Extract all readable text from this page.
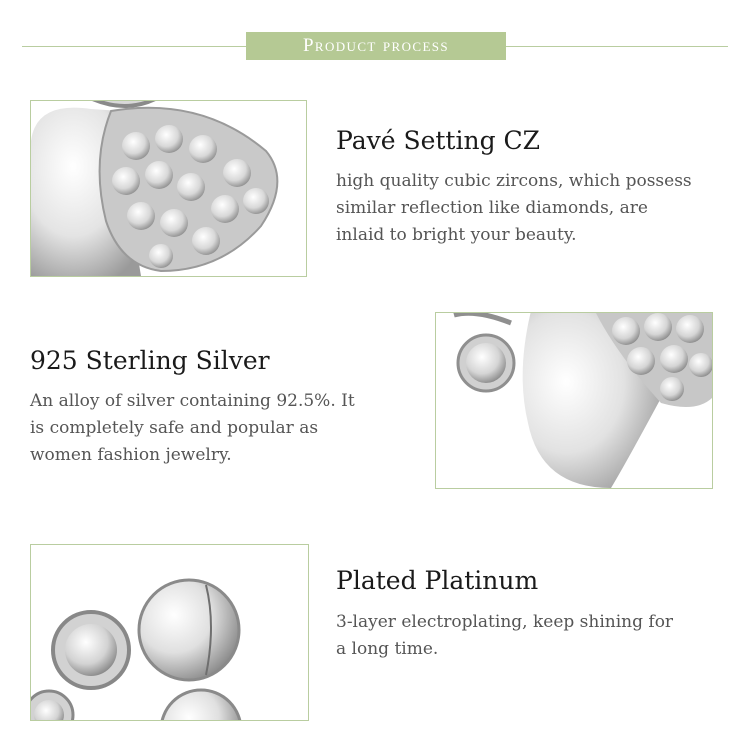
Product process
Pavé Setting CZ
high quality cubic zircons, which possess
similar reflection like diamonds, are
inlaid to bright your beauty.
925 Sterling Silver
An alloy of silver containing 92.5%. It
is completely safe and popular as
women fashion jewelry.
Plated Platinum
3-layer electroplating, keep shining for
a long time.
